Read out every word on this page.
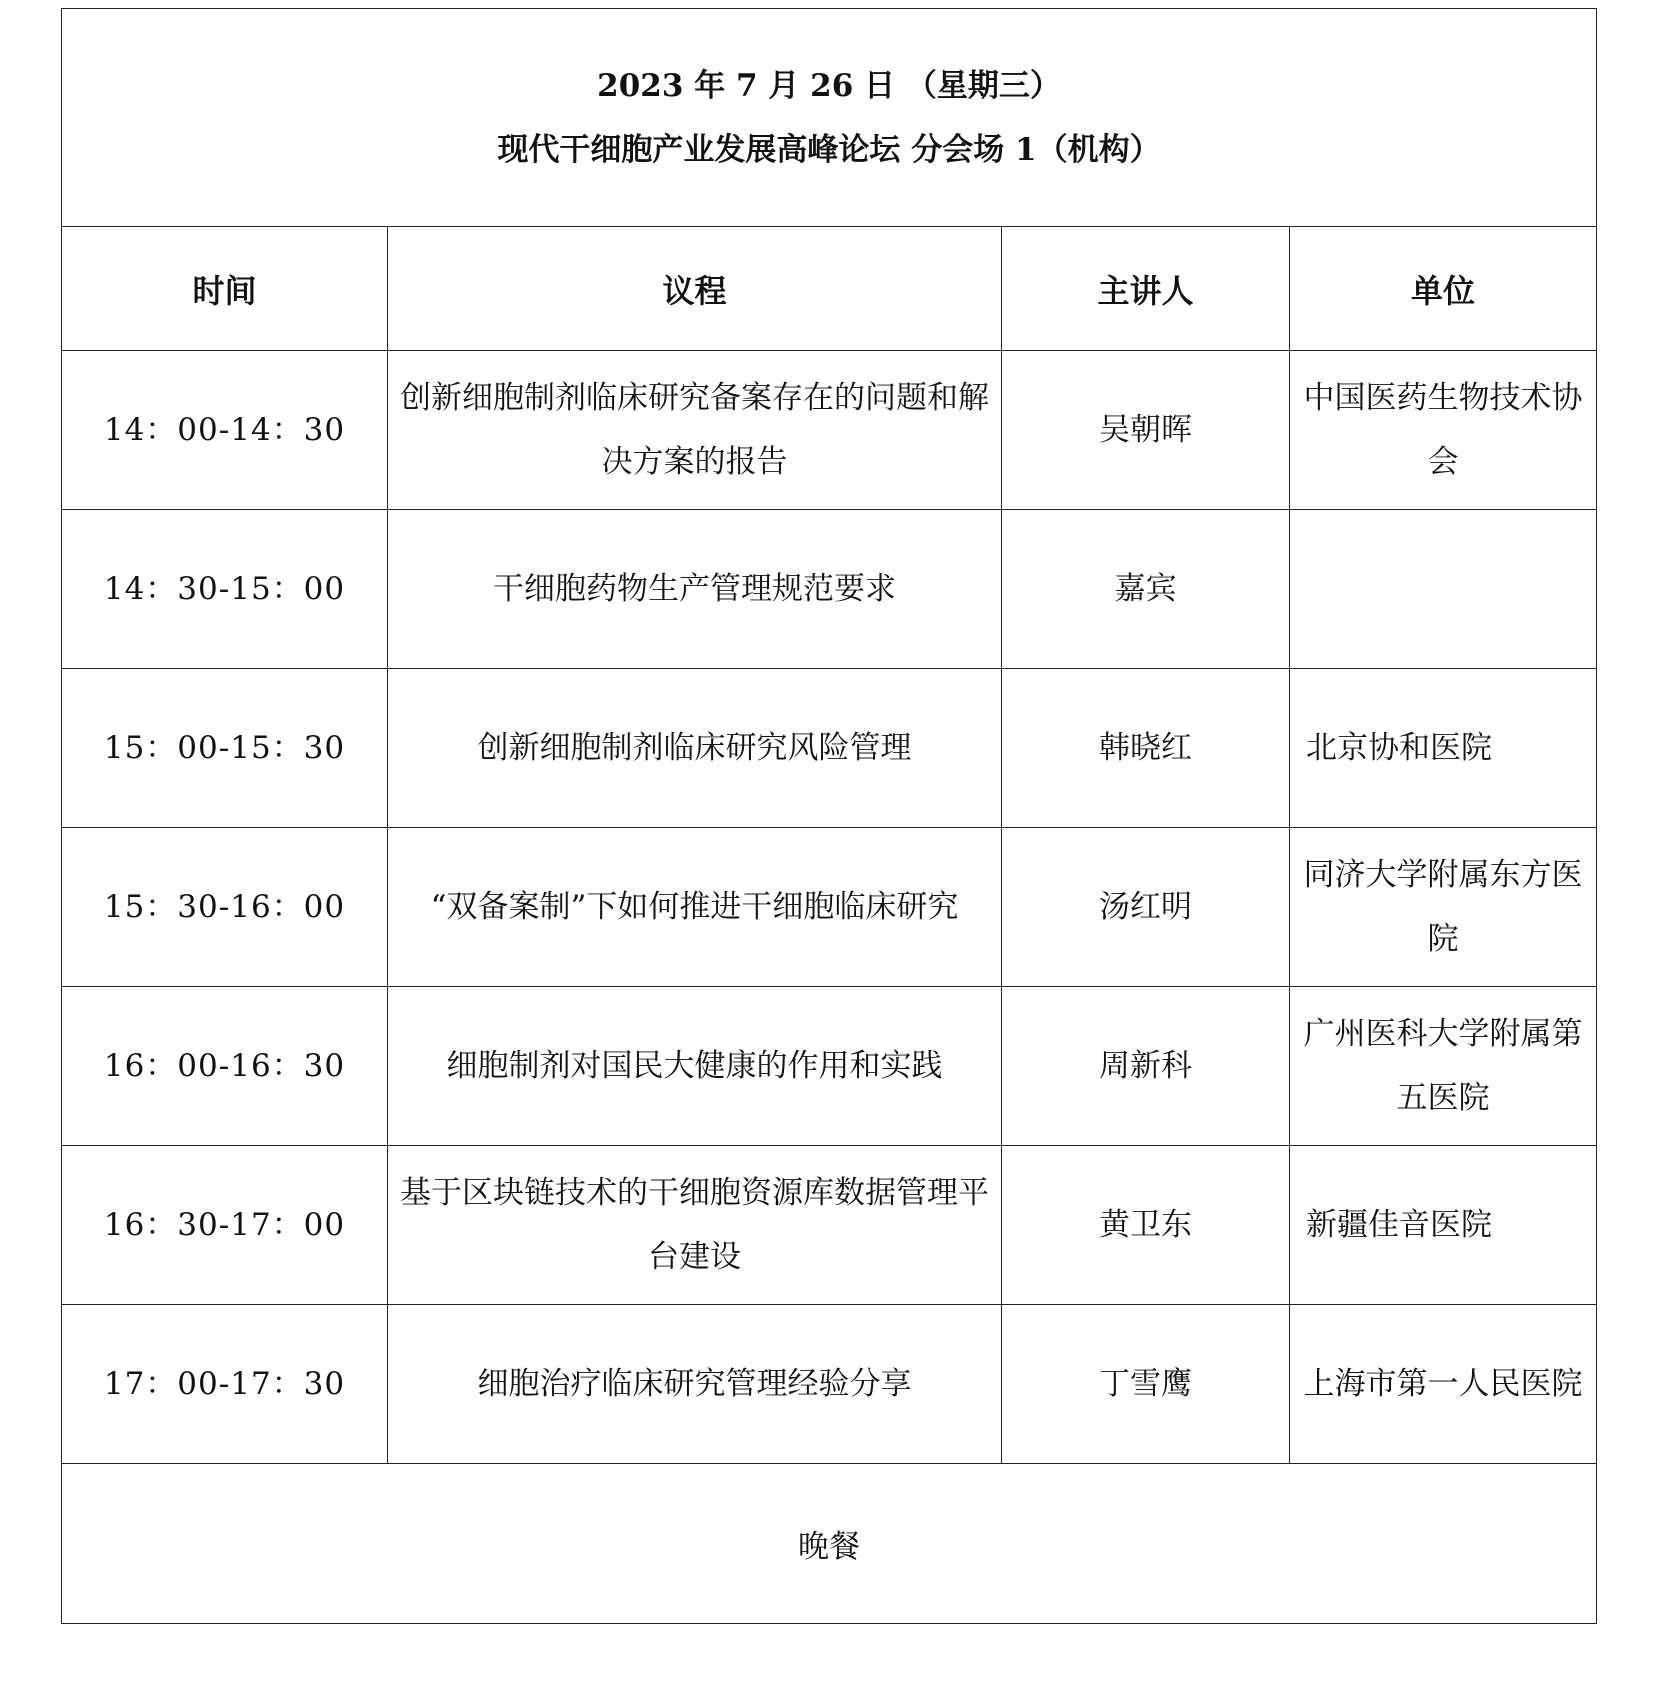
2023 年 7 月 26 日 （星期三）
现代干细胞产业发展高峰论坛 分会场 1（机构）			

时间	议程	主讲人	单位
14：00-14：30	创新细胞制剂临床研究备案存在的问题和解决方案的报告	吴朝晖	中国医药生物技术协会
14：30-15：00	干细胞药物生产管理规范要求	嘉宾	
15：00-15：30	创新细胞制剂临床研究风险管理	韩晓红	北京协和医院
15：30-16：00	“双备案制”下如何推进干细胞临床研究	汤红明	同济大学附属东方医院
16：00-16：30	细胞制剂对国民大健康的作用和实践	周新科	广州医科大学附属第五医院
16：30-17：00	基于区块链技术的干细胞资源库数据管理平台建设	黄卫东	新疆佳音医院
17：00-17：30	细胞治疗临床研究管理经验分享	丁雪鹰	上海市第一人民医院
晚餐			
